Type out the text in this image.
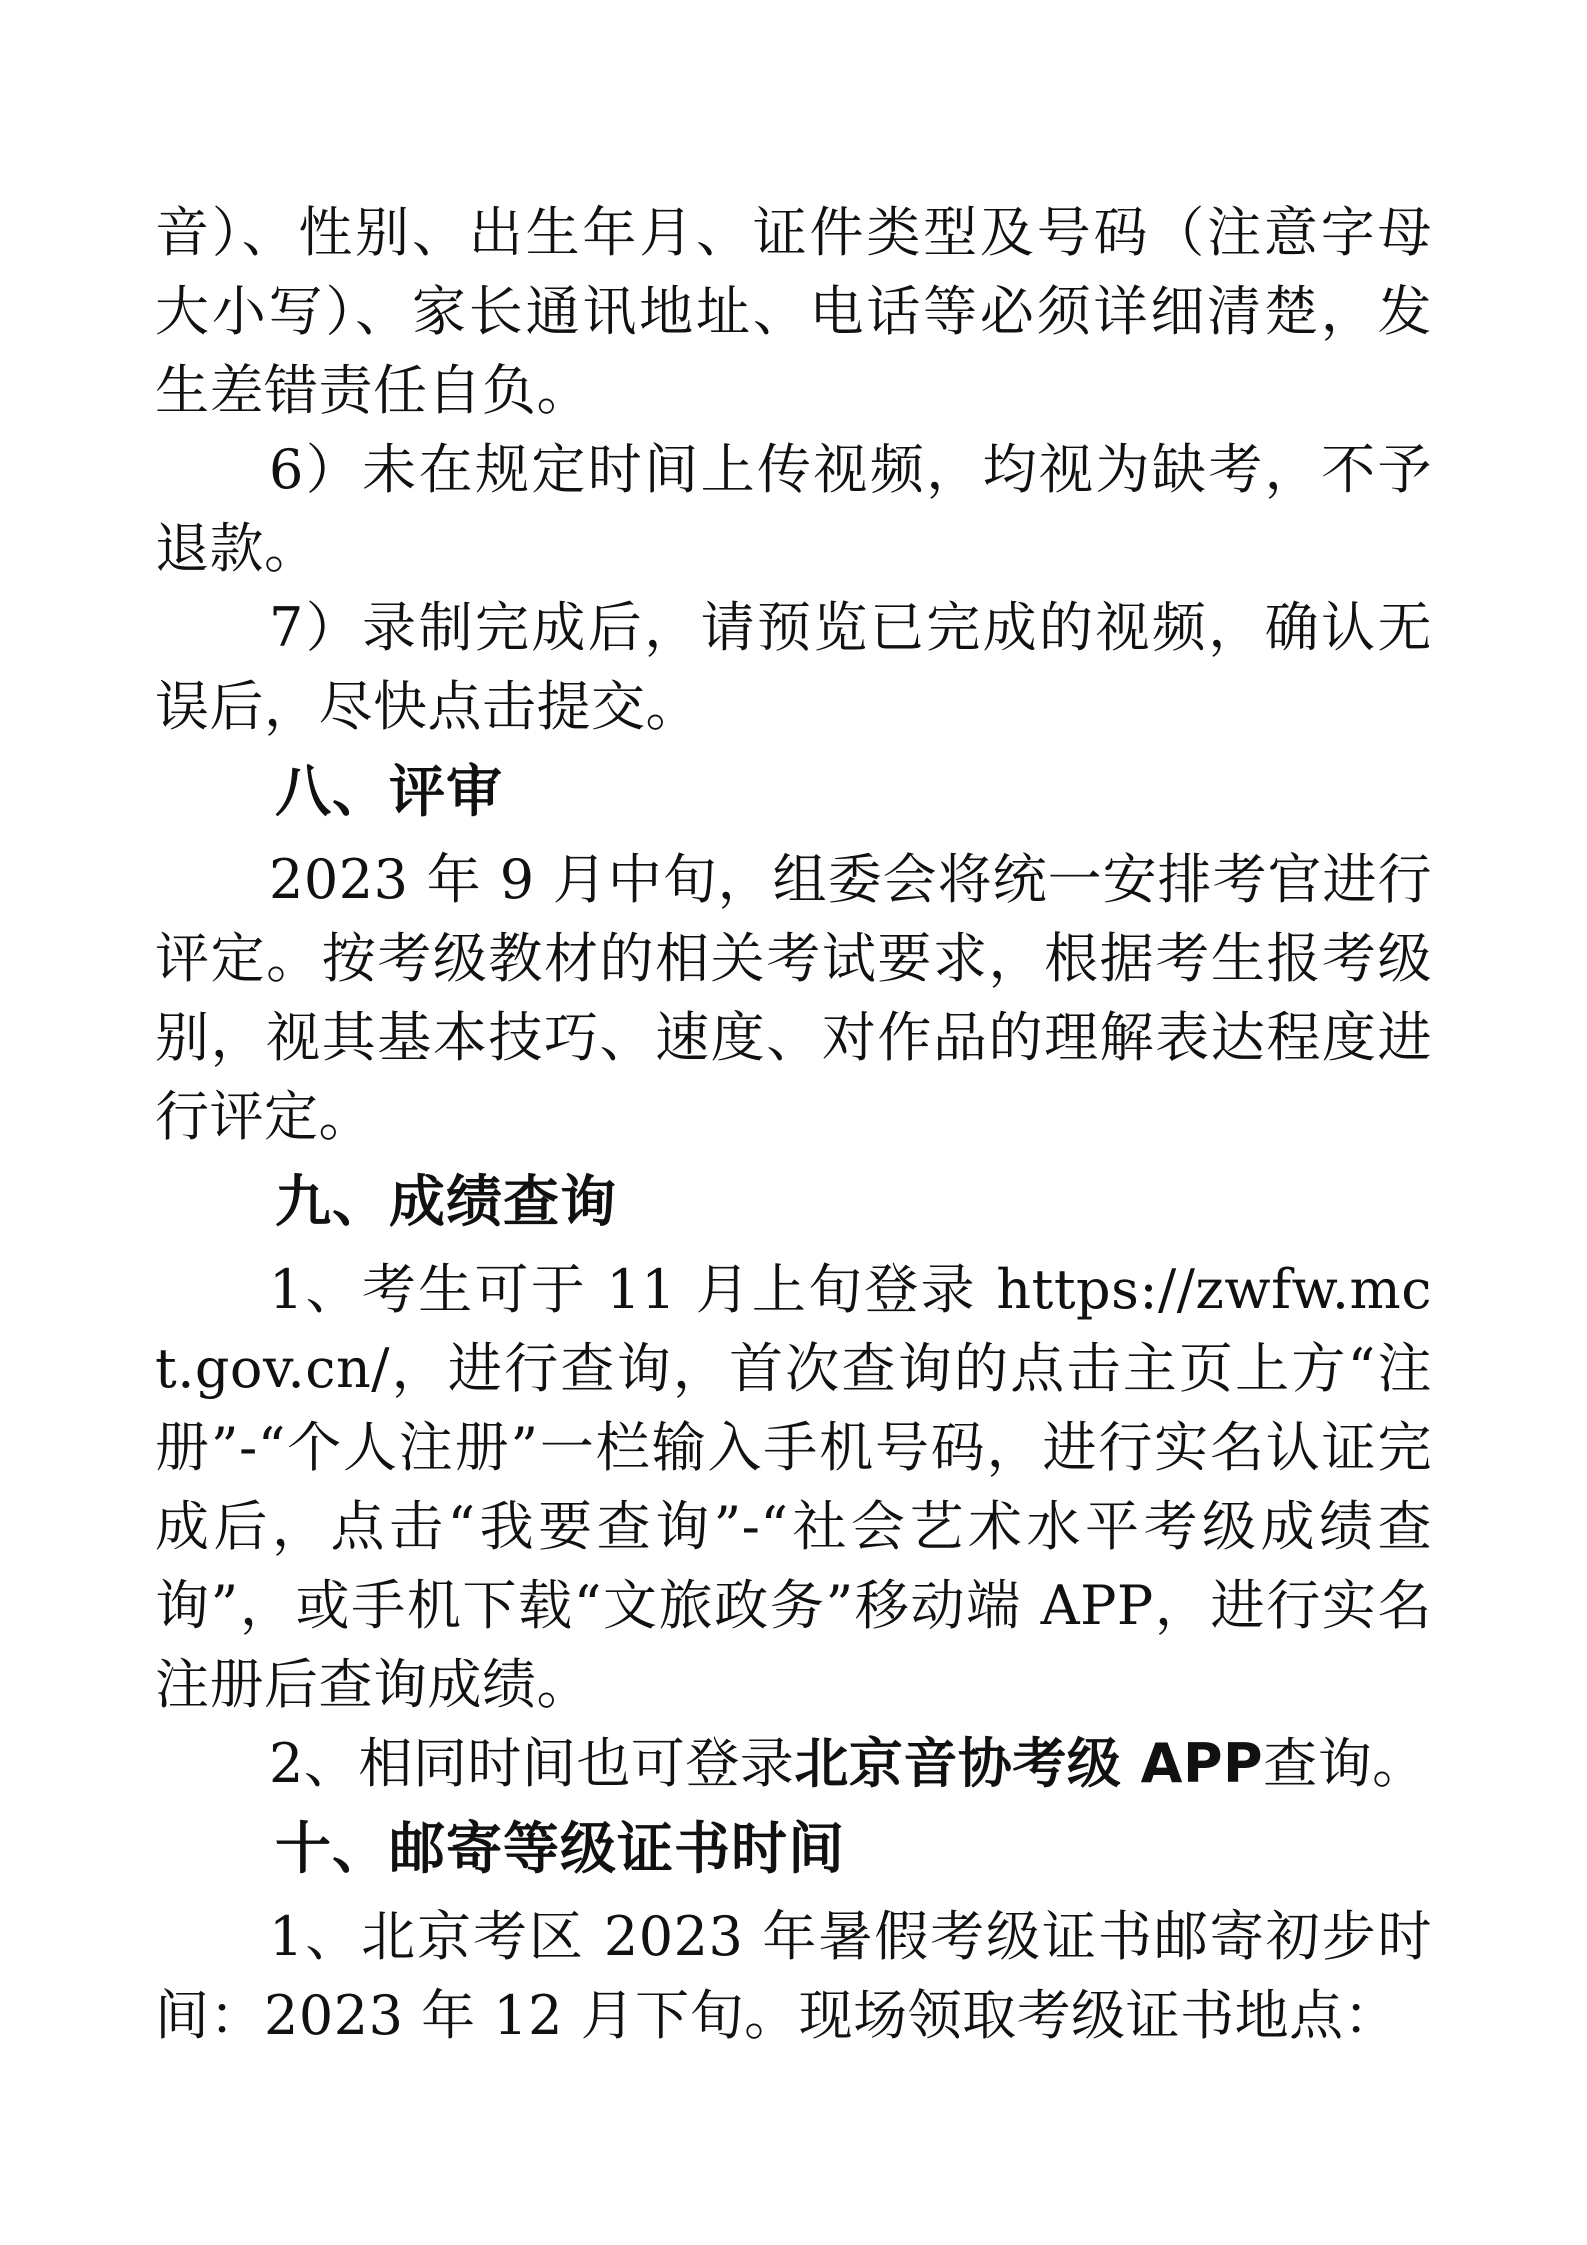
音）、性别、出生年月、证件类型及号码（注意字母大小写）、家长通讯地址、电话等必须详细清楚，发生差错责任自负。

6）未在规定时间上传视频，均视为缺考，不予退款。

7）录制完成后，请预览已完成的视频，确认无误后，尽快点击提交。

八、评审

2023 年 9 月中旬，组委会将统一安排考官进行评定。按考级教材的相关考试要求，根据考生报考级别，视其基本技巧、速度、对作品的理解表达程度进行评定。

九、成绩查询

1、考生可于 11 月上旬登录 https://zwfw.mct.gov.cn/，进行查询，首次查询的点击主页上方“注册”-“个人注册”一栏输入手机号码，进行实名认证完成后，点击“我要查询”-“社会艺术水平考级成绩查询”，或手机下载“文旅政务”移动端 APP，进行实名注册后查询成绩。

2、相同时间也可登录北京音协考级 APP查询。

十、邮寄等级证书时间

1、北京考区 2023 年暑假考级证书邮寄初步时间：2023 年 12 月下旬。现场领取考级证书地点：
